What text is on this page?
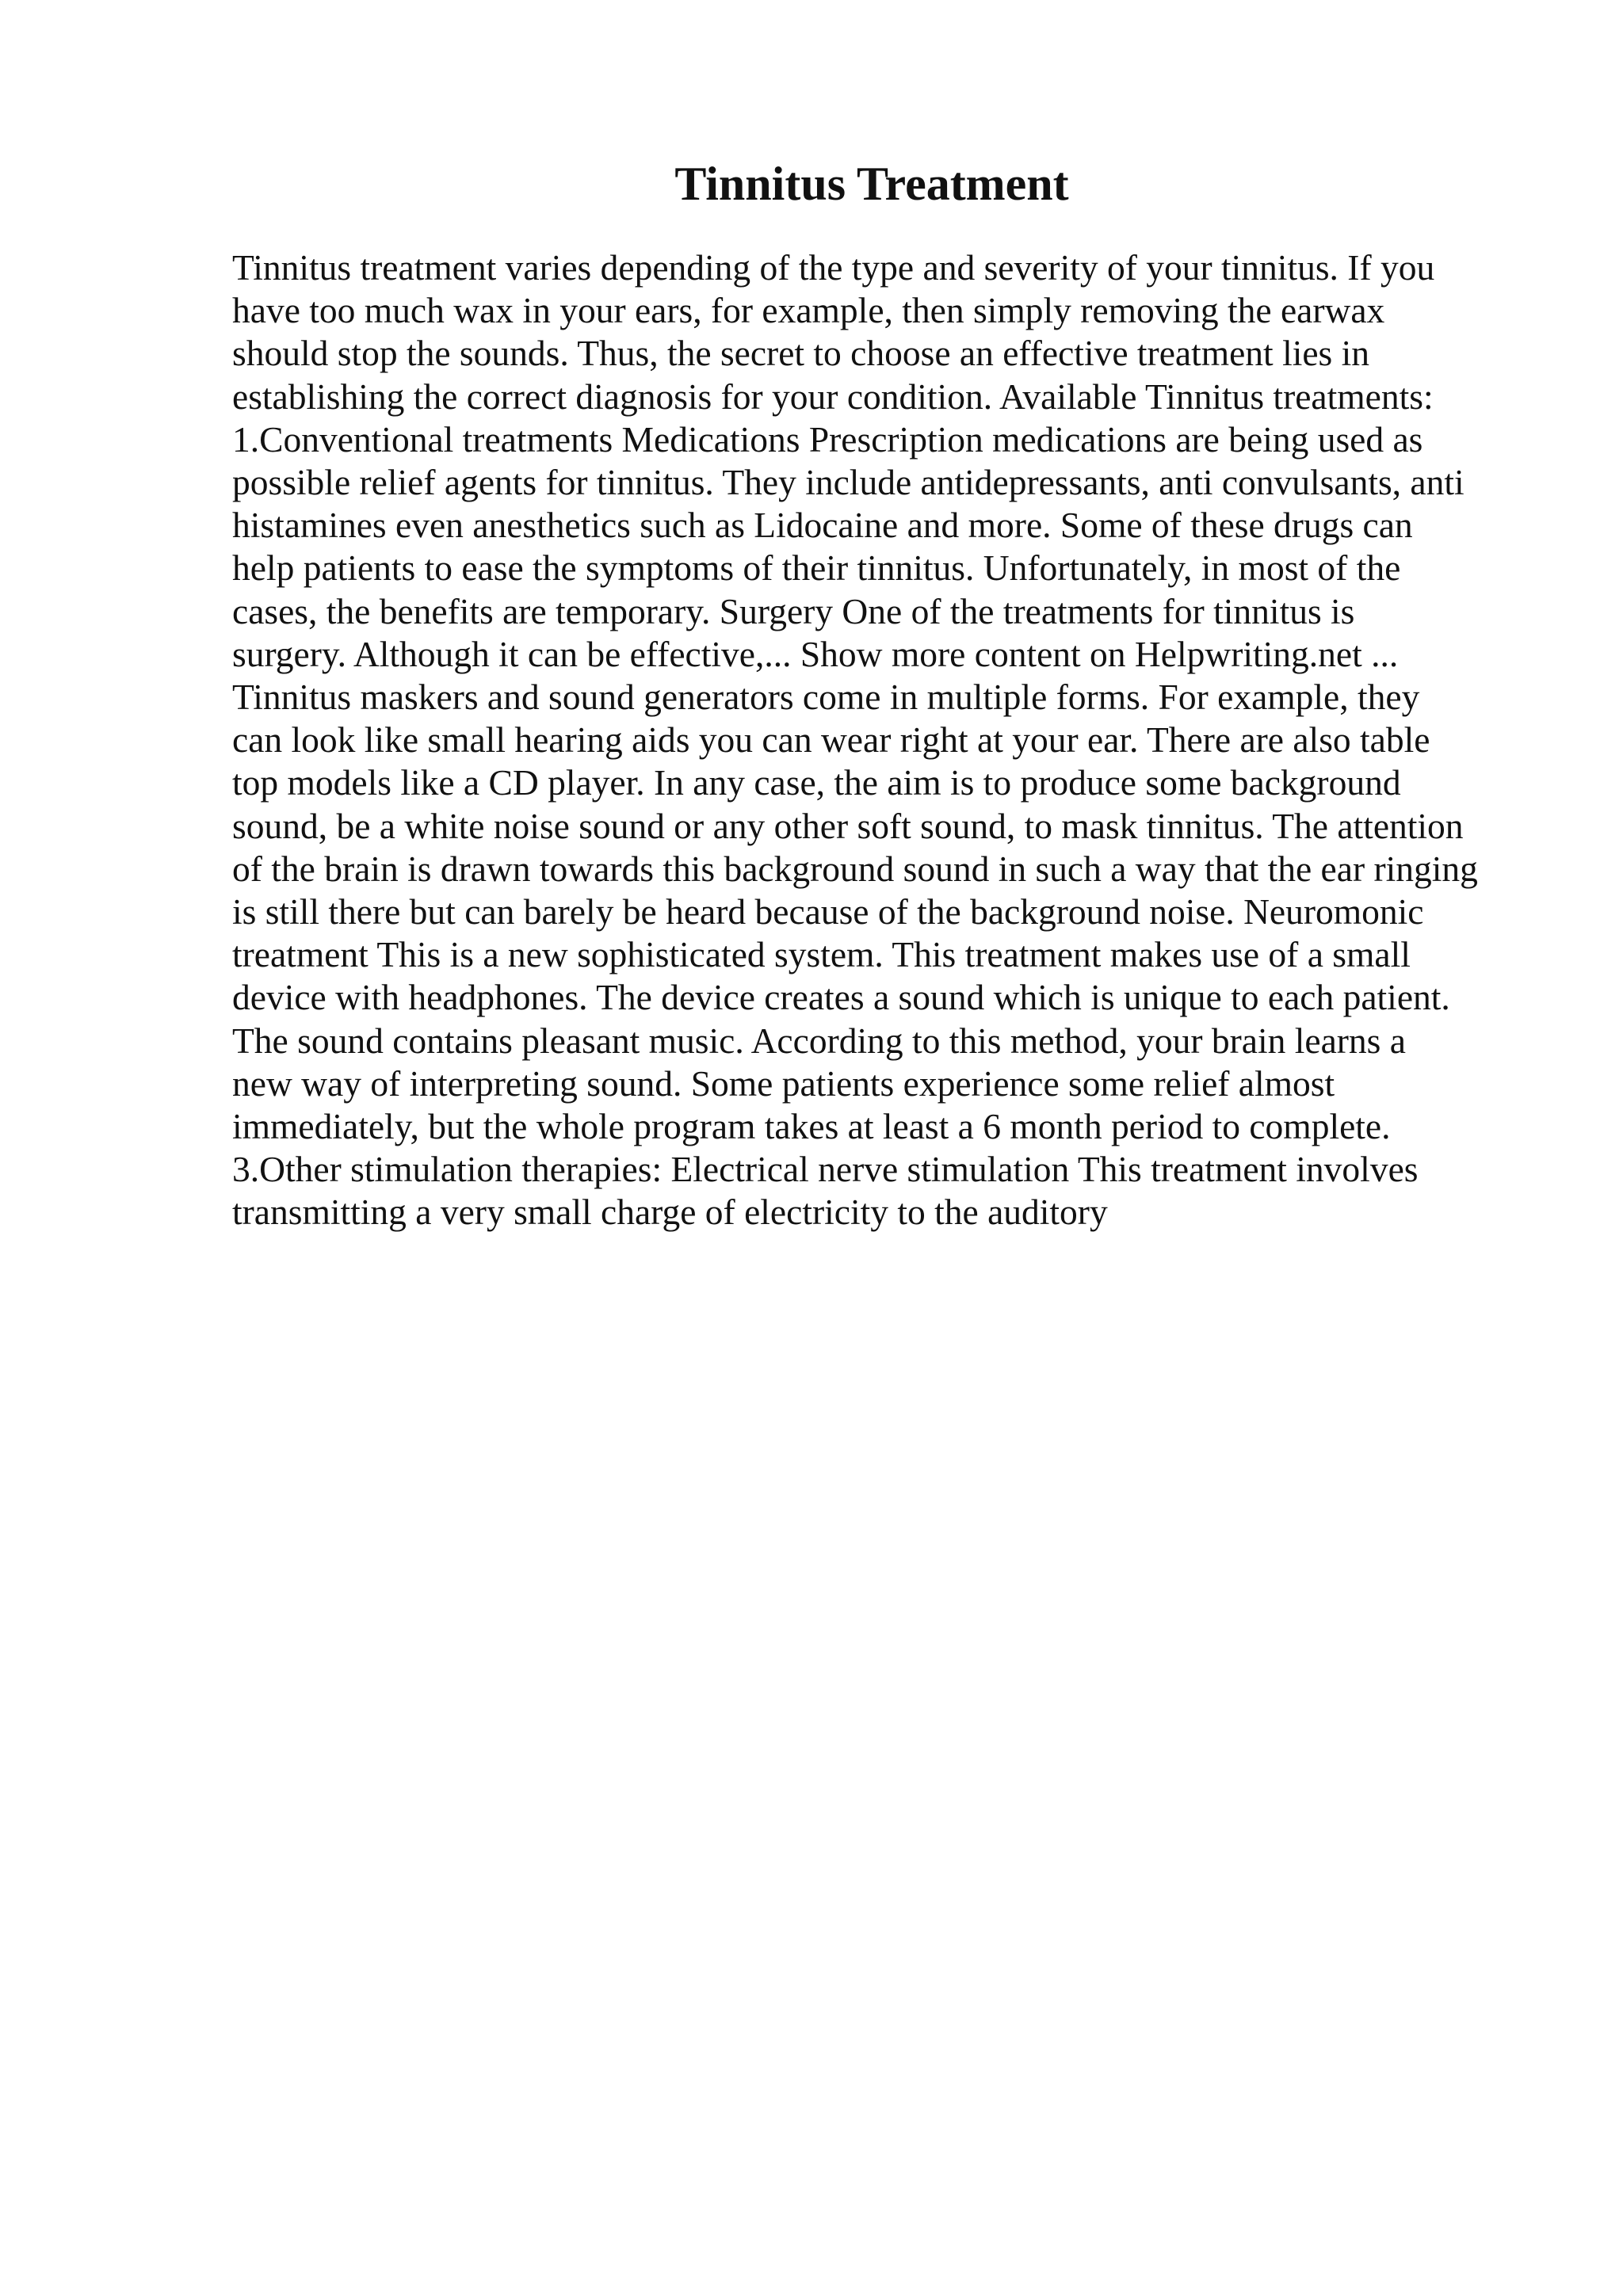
Tinnitus Treatment
Tinnitus treatment varies depending of the type and severity of your tinnitus. If you
have too much wax in your ears, for example, then simply removing the earwax
should stop the sounds. Thus, the secret to choose an effective treatment lies in
establishing the correct diagnosis for your condition. Available Tinnitus treatments:
1.Conventional treatments Medications Prescription medications are being used as
possible relief agents for tinnitus. They include antidepressants, anti convulsants, anti
histamines even anesthetics such as Lidocaine and more. Some of these drugs can
help patients to ease the symptoms of their tinnitus. Unfortunately, in most of the
cases, the benefits are temporary. Surgery One of the treatments for tinnitus is
surgery. Although it can be effective,... Show more content on Helpwriting.net ...
Tinnitus maskers and sound generators come in multiple forms. For example, they
can look like small hearing aids you can wear right at your ear. There are also table
top models like a CD player. In any case, the aim is to produce some background
sound, be a white noise sound or any other soft sound, to mask tinnitus. The attention
of the brain is drawn towards this background sound in such a way that the ear ringing
is still there but can barely be heard because of the background noise. Neuromonic
treatment This is a new sophisticated system. This treatment makes use of a small
device with headphones. The device creates a sound which is unique to each patient.
The sound contains pleasant music. According to this method, your brain learns a
new way of interpreting sound. Some patients experience some relief almost
immediately, but the whole program takes at least a 6 month period to complete.
3.Other stimulation therapies: Electrical nerve stimulation This treatment involves
transmitting a very small charge of electricity to the auditory
